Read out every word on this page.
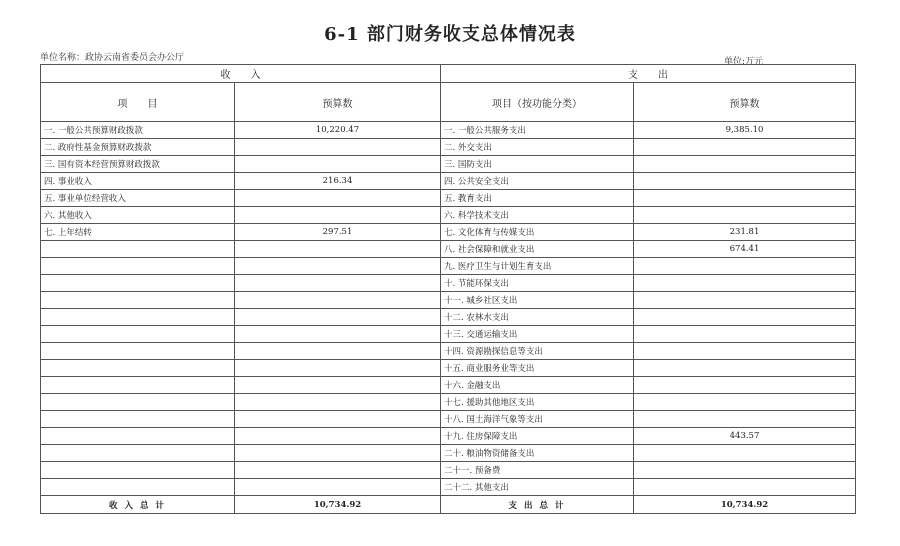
6-1 部门财务收支总体情况表
单位名称：政协云南省委员会办公厅	单位:万元
收　　入		支　　出	
项　　目	预算数	项目（按功能分类）	预算数
一. 一般公共预算财政拨款	10,220.47	一. 一般公共服务支出	9,385.10
二. 政府性基金预算财政拨款		二. 外交支出	
三. 国有资本经营预算财政拨款		三. 国防支出	
四. 事业收入	216.34	四. 公共安全支出	
五. 事业单位经营收入		五. 教育支出	
六. 其他收入		六. 科学技术支出	
七. 上年结转	297.51	七. 文化体育与传媒支出	231.81
		八. 社会保障和就业支出	674.41
		九. 医疗卫生与计划生育支出	
		十. 节能环保支出	
		十一. 城乡社区支出	
		十二. 农林水支出	
		十三. 交通运输支出	
		十四. 资源勘探信息等支出	
		十五. 商业服务业等支出	
		十六. 金融支出	
		十七. 援助其他地区支出	
		十八. 国土海洋气象等支出	
		十九. 住房保障支出	443.57
		二十. 粮油物资储备支出	
		二十一. 预备费	
		二十二. 其他支出	
收 入 总 计	10,734.92	支 出 总 计	10,734.92
